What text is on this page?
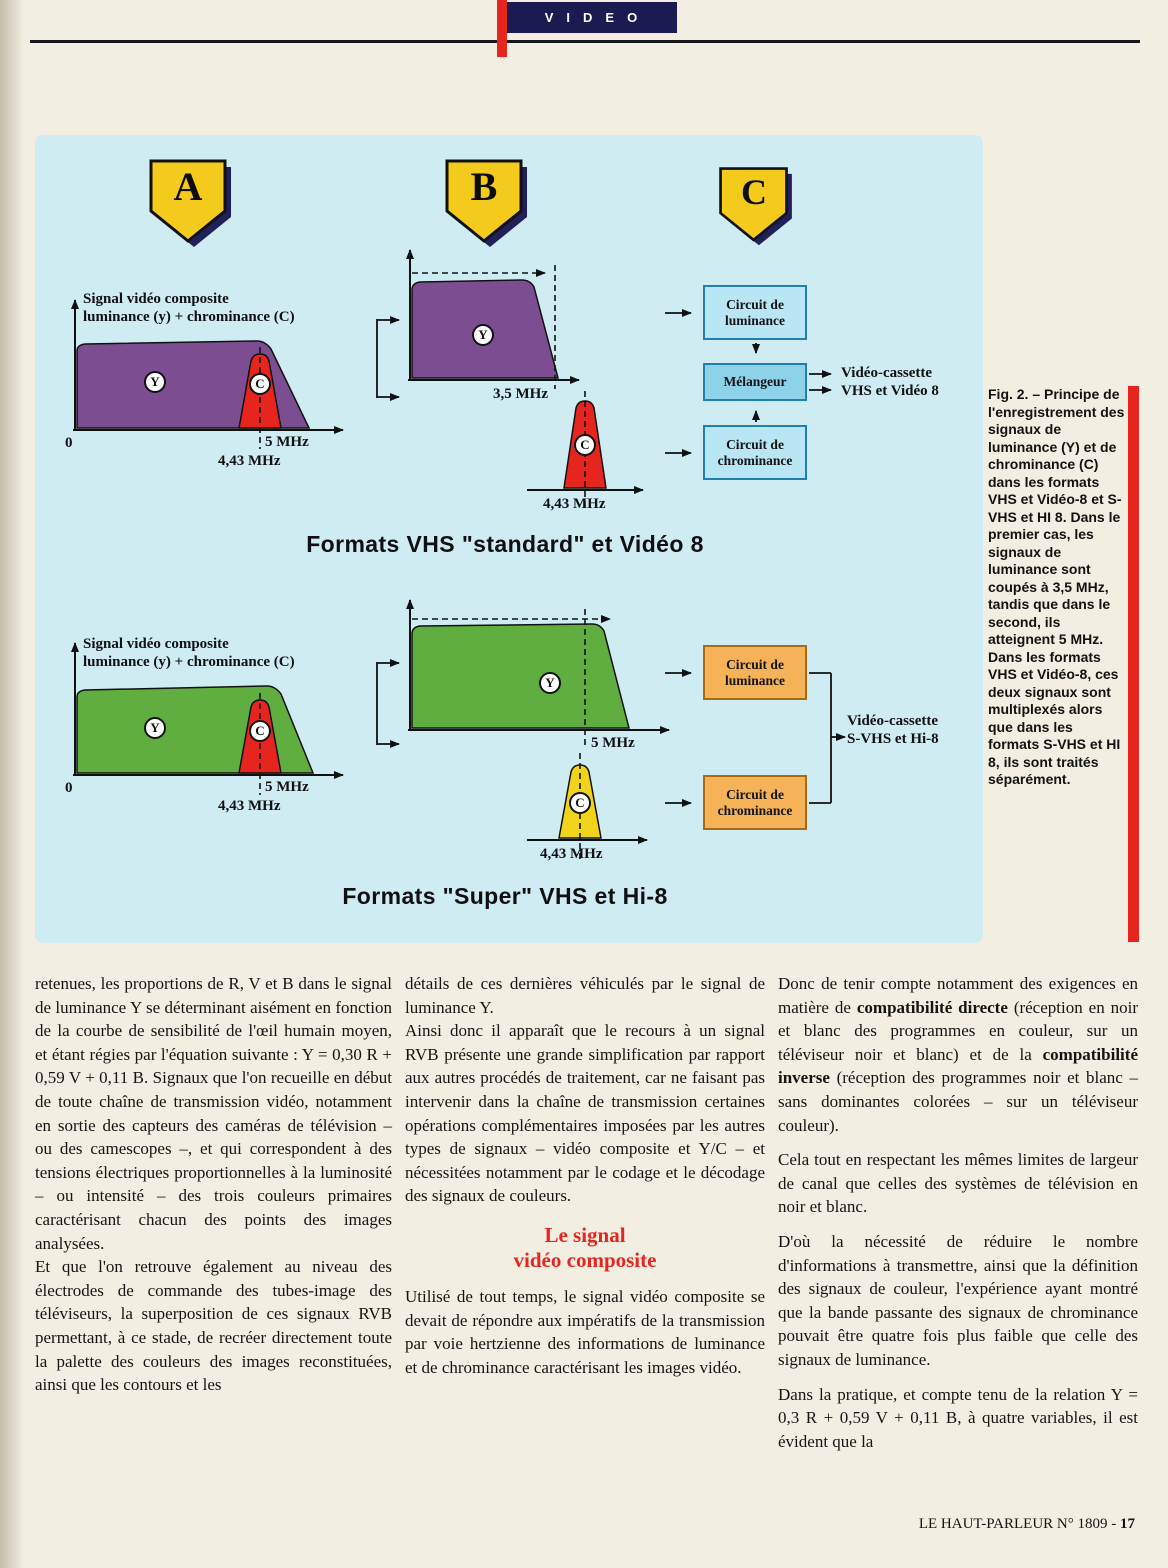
VIDEO
A	B	C
Signal vidéo composite
luminance (y) + chrominance (C)
0	5 MHz
4,43 MHz
3,5 MHz
4,43 MHz
Y	C
Y
C
Circuit de luminance
Mélangeur
Circuit de chrominance
Vidéo-cassette
VHS et Vidéo 8
Formats VHS "standard" et Vidéo 8
Signal vidéo composite
luminance (y) + chrominance (C)
0	5 MHz
4,43 MHz
5 MHz
4,43 MHz
Y	C
Y
C
Circuit de luminance
Circuit de chrominance
Vidéo-cassette
S-VHS et Hi-8
Formats "Super" VHS et Hi-8
Fig. 2. – Principe de l'enregistrement des signaux de luminance (Y) et de chrominance (C) dans les formats VHS et Vidéo-8 et S-VHS et HI 8. Dans le premier cas, les signaux de luminance sont coupés à 3,5 MHz, tandis que dans le second, ils atteignent 5 MHz. Dans les formats VHS et Vidéo-8, ces deux signaux sont multiplexés alors que dans les formats S-VHS et HI 8, ils sont traités séparément.

retenues, les proportions de R, V et B dans le signal de luminance Y se déterminant aisément en fonction de la courbe de sensibilité de l'œil humain moyen, et étant régies par l'équation suivante : Y = 0,30 R + 0,59 V + 0,11 B. Signaux que l'on recueille en début de toute chaîne de transmission vidéo, notamment en sortie des capteurs des caméras de télévision – ou des camescopes –, et qui correspondent à des tensions électriques proportionnelles à la luminosité – ou intensité – des trois couleurs primaires caractérisant chacun des points des images analysées.

Et que l'on retrouve également au niveau des électrodes de commande des tubes-image des téléviseurs, la superposition de ces signaux RVB permettant, à ce stade, de recréer directement toute la palette des couleurs des images reconstituées, ainsi que les contours et les

détails de ces dernières véhiculés par le signal de luminance Y.

Ainsi donc il apparaît que le recours à un signal RVB présente une grande simplification par rapport aux autres procédés de traitement, car ne faisant pas intervenir dans la chaîne de transmission certaines opérations complémentaires imposées par les autres types de signaux – vidéo composite et Y/C – et nécessitées notamment par le codage et le décodage des signaux de couleurs.

Le signal
vidéo composite

Utilisé de tout temps, le signal vidéo composite se devait de répondre aux impératifs de la transmission par voie hertzienne des informations de luminance et de chrominance caractérisant les images vidéo.

Donc de tenir compte notamment des exigences en matière de compatibilité directe (réception en noir et blanc des programmes en couleur, sur un téléviseur noir et blanc) et de la compatibilité inverse (réception des programmes noir et blanc – sans dominantes colorées – sur un téléviseur couleur).

Cela tout en respectant les mêmes limites de largeur de canal que celles des systèmes de télévision en noir et blanc.

D'où la nécessité de réduire le nombre d'informations à transmettre, ainsi que la définition des signaux de couleur, l'expérience ayant montré que la bande passante des signaux de chrominance pouvait être quatre fois plus faible que celle des signaux de luminance.

Dans la pratique, et compte tenu de la relation Y = 0,3 R + 0,59 V + 0,11 B, à quatre variables, il est évident que la

LE HAUT-PARLEUR N° 1809 - 17
